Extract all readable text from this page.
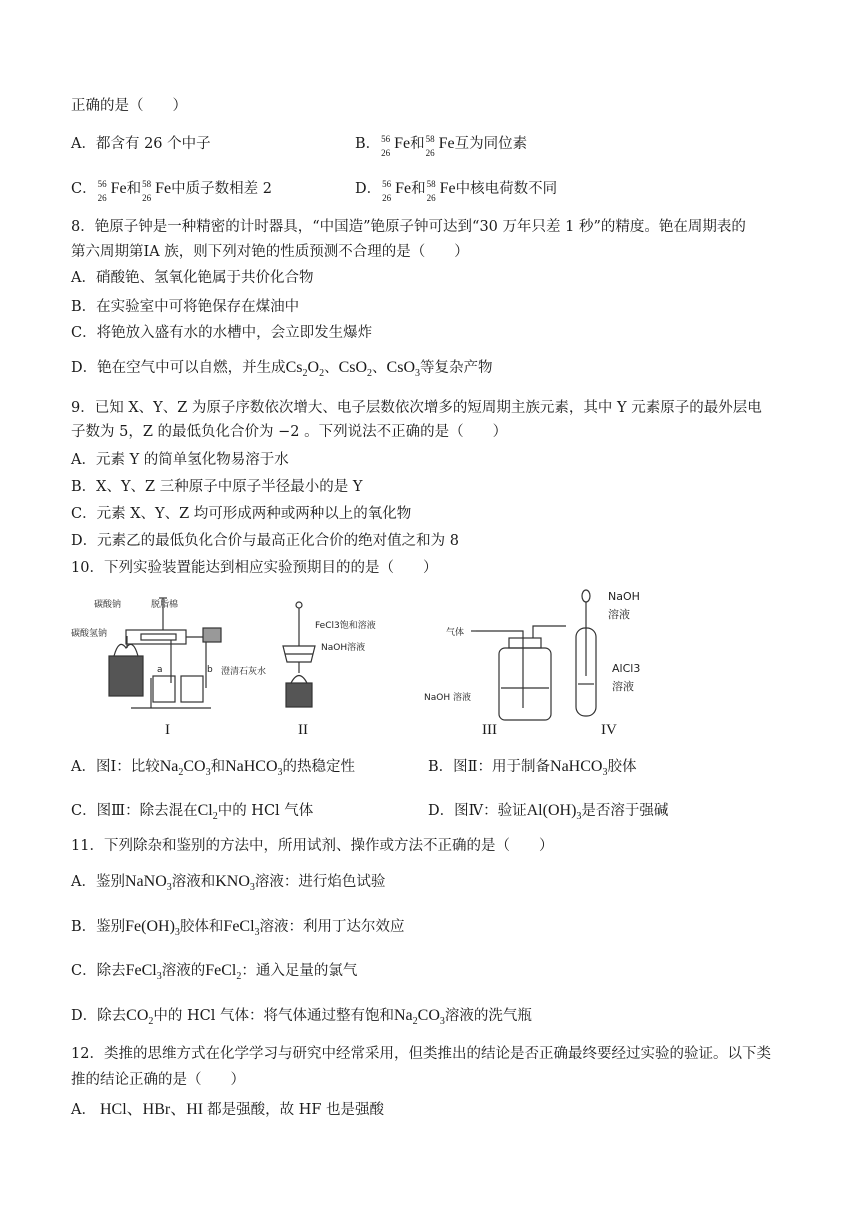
正确的是（　　）
A．都含有 26 个中子	B． 56
26
Fe和 58
26
Fe互为同位素
C． 56
26
Fe和 58
26
Fe中质子数相差 2	D． 56
26
Fe和 58
26
Fe中核电荷数不同
8．铯原子钟是一种精密的计时器具，“中国造”铯原子钟可达到“30 万年只差 1 秒”的精度。铯在周期表的
第六周期第ⅠA 族，则下列对铯的性质预测不合理的是（　　）
A．硝酸铯、氢氧化铯属于共价化合物
B．在实验室中可将铯保存在煤油中
C．将铯放入盛有水的水槽中，会立即发生爆炸
D．铯在空气中可以自燃，并生成$Cs_2O_2$、CsO$_2$、CsO$_3$等复杂产物
9．已知 X、Y、Z 为原子序数依次增大、电子层数依次增多的短周期主族元素，其中 Y 元素原子的最外层电
子数为 5，Z 的最低负化合价为 −2 。下列说法不正确的是（　　）
A．元素 Y 的简单氢化物易溶于水
B．X、Y、Z 三种原子中原子半径最小的是 Y
C．元素 X、Y、Z 均可形成两种或两种以上的氧化物
D．元素乙的最低负化合价与最高正化合价的绝对值之和为 8
10．下列实验装置能达到相应实验预期目的的是（　　）
碳酸钠	脱脂棉
碳酸氢钠
澄清石灰水
a	b
FeCl3饱和溶液
NaOH溶液
气体
NaOH 溶液
NaOH
溶液
AlCl3
溶液
I	II	III	IV
A．图Ⅰ：比较$Na_2CO_3$和NaHCO$_3$的热稳定性	B．图Ⅱ：用于制备NaHCO$_3$胶体
C．图Ⅲ：除去混在$Cl_2$中的 HCl 气体	D．图Ⅳ：验证$Al(OH)_3$是否溶于强碱
11．下列除杂和鉴别的方法中，所用试剂、操作或方法不正确的是（　　）
A．鉴别NaNO$_3$溶液和$KNO_3$溶液：进行焰色试验
B．鉴别$Fe(OH)_3$胶体和FeCl$_3$溶液：利用丁达尔效应
C．除去FeCl$_3$溶液的FeCl$_2$：通入足量的氯气
D．除去$CO_2$中的 HCl 气体：将气体通过整有饱和$Na_2CO_3$溶液的洗气瓶
12．类推的思维方式在化学学习与研究中经常采用，但类推出的结论是否正确最终要经过实验的验证。以下类
推的结论正确的是（　　）
A． HCl、HBr、HI 都是强酸，故 HF 也是强酸
